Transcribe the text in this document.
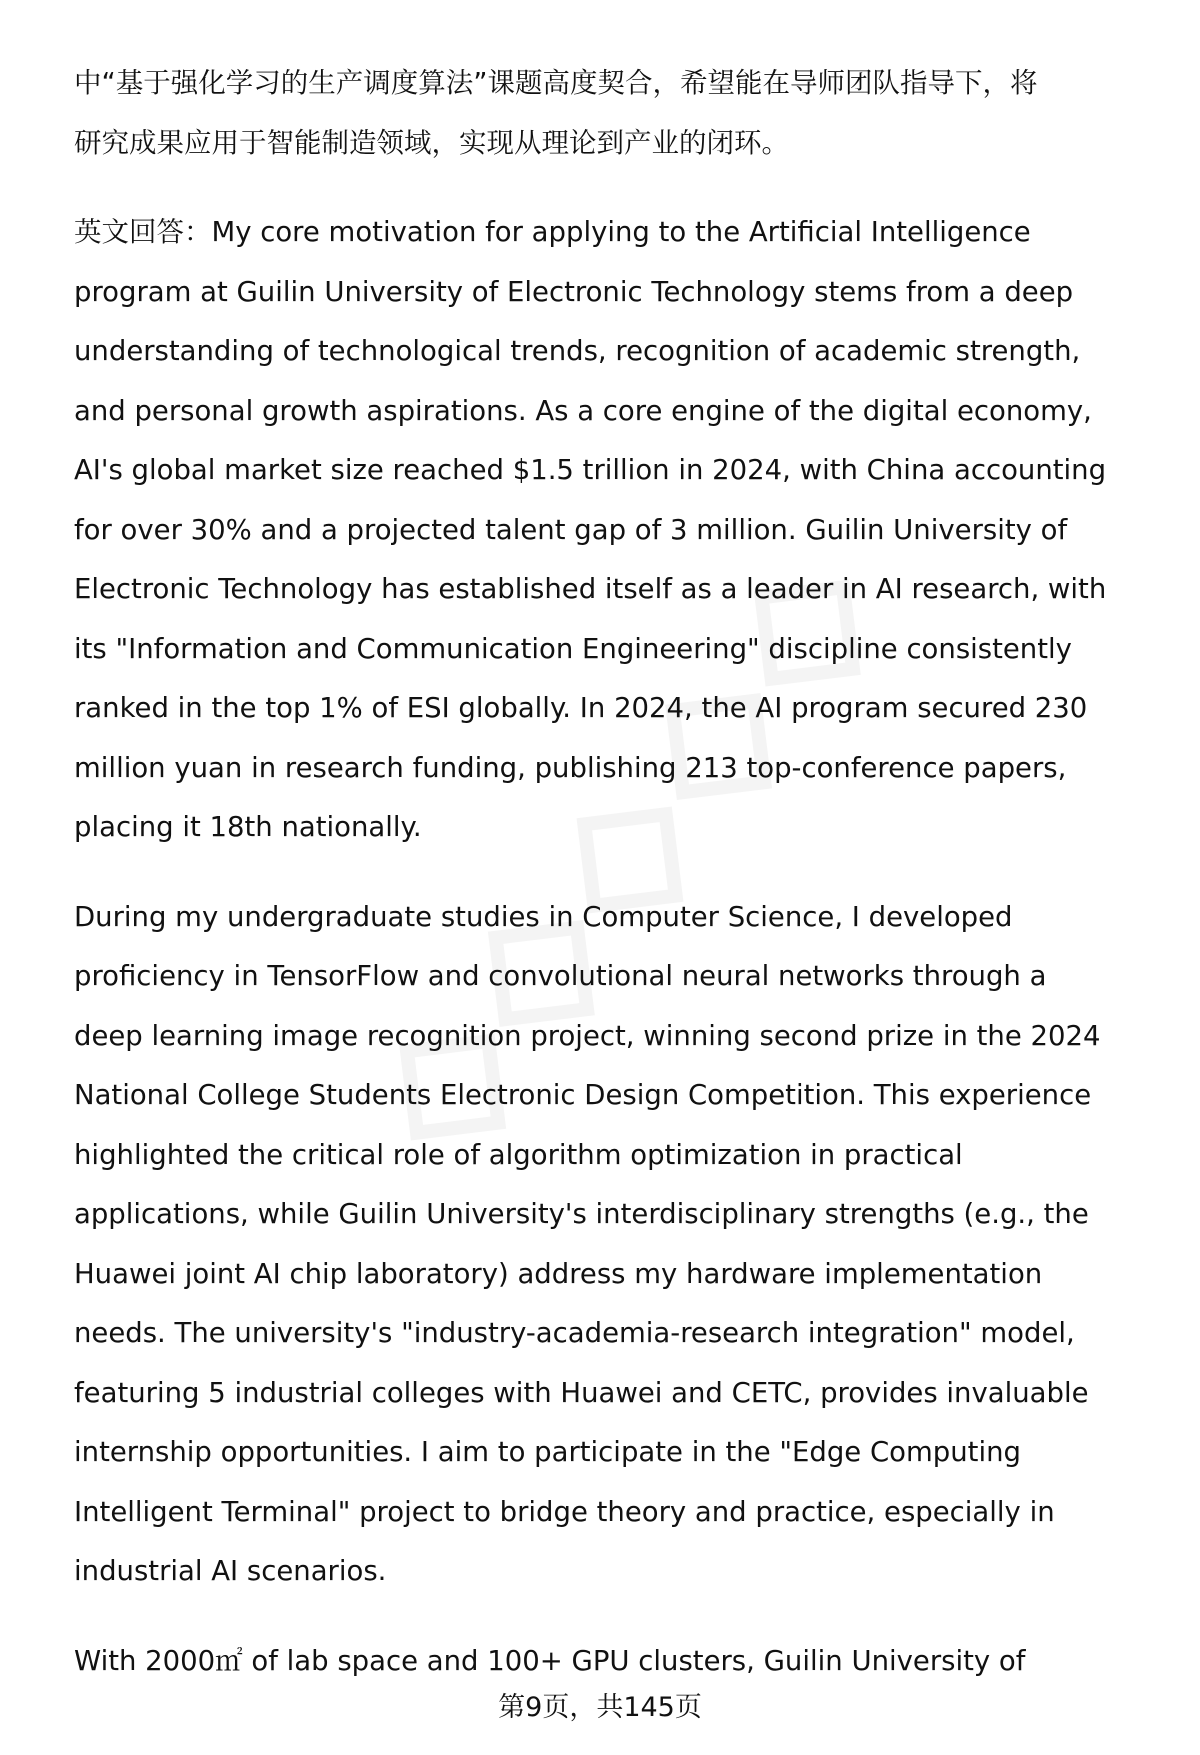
中“基于强化学习的生产调度算法”课题高度契合，希望能在导师团队指导下，将
研究成果应用于智能制造领域，实现从理论到产业的闭环。

英文回答：My core motivation for applying to the Artificial Intelligence
program at Guilin University of Electronic Technology stems from a deep
understanding of technological trends, recognition of academic strength,
and personal growth aspirations. As a core engine of the digital economy,
AI's global market size reached $1.5 trillion in 2024, with China accounting
for over 30% and a projected talent gap of 3 million. Guilin University of
Electronic Technology has established itself as a leader in AI research, with
its "Information and Communication Engineering" discipline consistently
ranked in the top 1% of ESI globally. In 2024, the AI program secured 230
million yuan in research funding, publishing 213 top-conference papers,
placing it 18th nationally.

During my undergraduate studies in Computer Science, I developed
proficiency in TensorFlow and convolutional neural networks through a
deep learning image recognition project, winning second prize in the 2024
National College Students Electronic Design Competition. This experience
highlighted the critical role of algorithm optimization in practical
applications, while Guilin University's interdisciplinary strengths (e.g., the
Huawei joint AI chip laboratory) address my hardware implementation
needs. The university's "industry-academia-research integration" model,
featuring 5 industrial colleges with Huawei and CETC, provides invaluable
internship opportunities. I aim to participate in the "Edge Computing
Intelligent Terminal" project to bridge theory and practice, especially in
industrial AI scenarios.

With 2000㎡ of lab space and 100+ GPU clusters, Guilin University of

第9页，共145页
